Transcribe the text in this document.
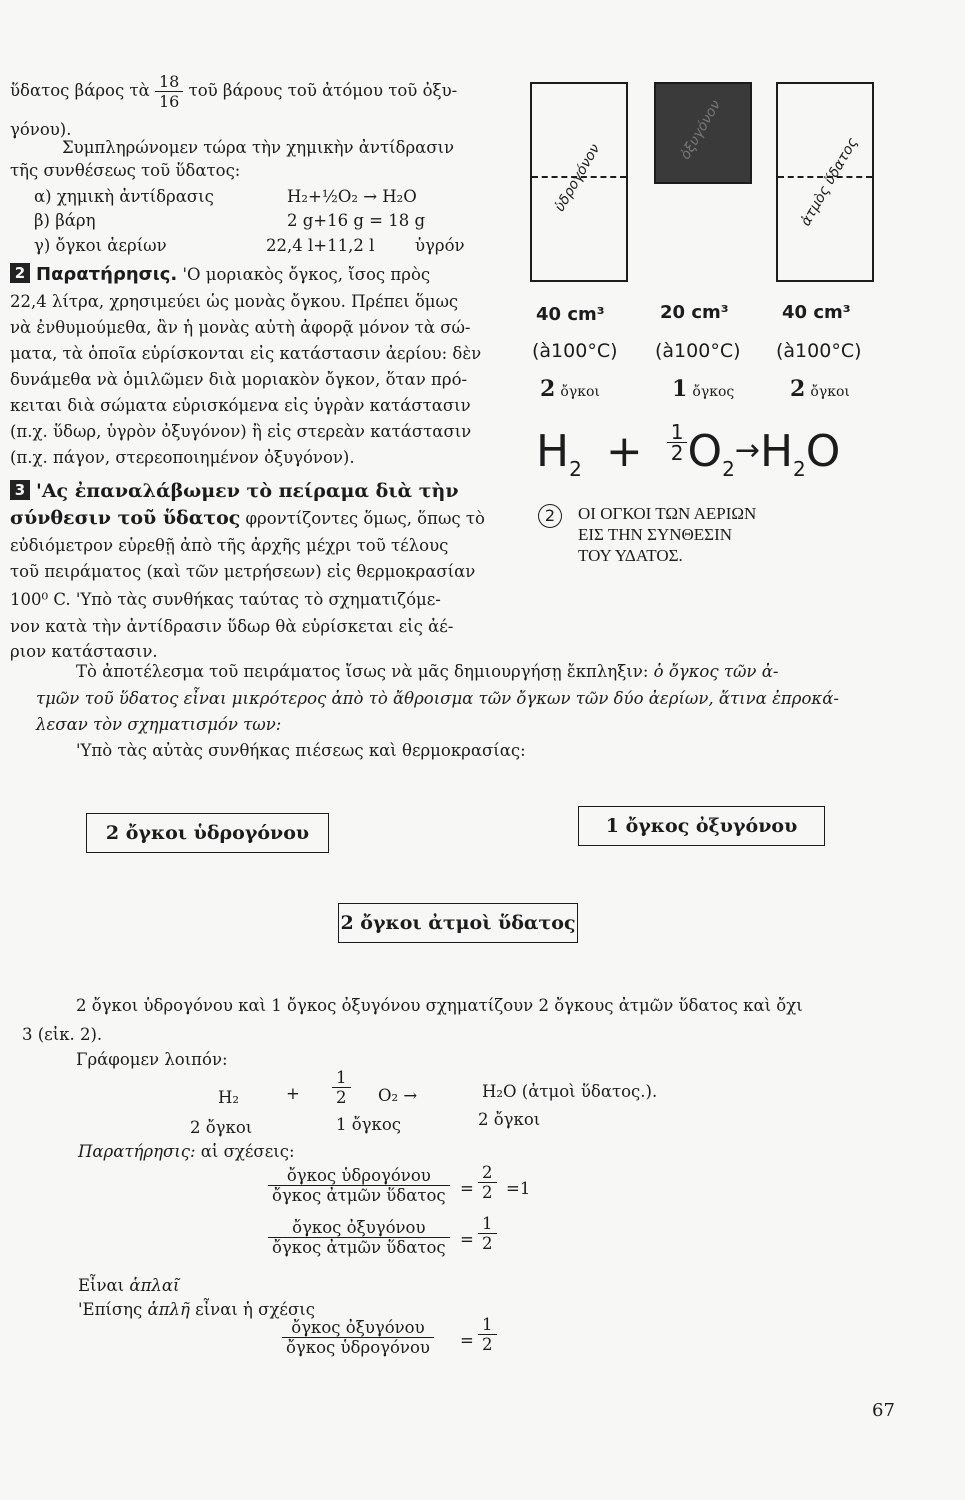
ὕδατος βάρος τὰ $\frac{18}{16}$ τοῦ βάρους τοῦ ἀτόμου τοῦ ὀξυ-
γόνου).
Συμπληρώνομεν τώρα τὴν χημικὴν ἀντίδρασιν
τῆς συνθέσεως τοῦ ὕδατος:
α) χημικὴ ἀντίδρασις	H₂+½O₂ → H₂O
β) βάρη	2 g+16 g = 18 g
γ) ὄγκοι ἀερίων	22,4 l+11,2 l ὑγρόν
2 Παρατήρησις. 'Ο μοριακὸς ὄγκος, ἴσος πρὸς
22,4 λίτρα, χρησιμεύει ὡς μονὰς ὄγκου. Πρέπει ὅμως
νὰ ἐνθυμούμεθα, ἂν ἡ μονὰς αὐτὴ ἀφορᾷ μόνον τὰ σώ-
ματα, τὰ ὁποῖα εὑρίσκονται εἰς κατάστασιν ἀερίου: δὲν
δυνάμεθα νὰ ὁμιλῶμεν διὰ μοριακὸν ὄγκον, ὅταν πρό-
κειται διὰ σώματα εὑρισκόμενα εἰς ὑγρὰν κατάστασιν
(π.χ. ὕδωρ, ὑγρὸν ὀξυγόνον) ἢ εἰς στερεὰν κατάστασιν
(π.χ. πάγον, στερεοποιημένον ὀξυγόνον).
3 'Ας ἐπαναλάβωμεν τὸ πείραμα διὰ τὴν
σύνθεσιν τοῦ ὕδατος φροντίζοντες ὅμως, ὅπως τὸ
εὐδιόμετρον εὑρεθῇ ἀπὸ τῆς ἀρχῆς μέχρι τοῦ τέλους
τοῦ πειράματος (καὶ τῶν μετρήσεων) εἰς θερμοκρασίαν
100⁰ C. 'Υπὸ τὰς συνθήκας ταύτας τὸ σχηματιζόμε-
νον κατὰ τὴν ἀντίδρασιν ὕδωρ θὰ εὑρίσκεται εἰς ἀέ-
ριον κατάστασιν.
ὑδρογόνον
ὀξυγόνον
ἀτμὸς ὕδατος
40 cm³	20 cm³	40 cm³
(à100°C) (à100°C) (à100°C)
2 ὄγκοι	1 ὄγκος	2 ὄγκοι
$H_2 + \frac{1}{2} O_2\to H_2O$
2	ΟΙ ΟΓΚΟΙ ΤΩΝ ΑΕΡΙΩΝ
ΕΙΣ ΤΗΝ ΣΥΝΘΕΣΙΝ
ΤΟΥ ΥΔΑΤΟΣ.
Τὸ ἀποτέλεσμα τοῦ πειράματος ἴσως νὰ μᾶς δημιουργήσῃ ἔκπληξιν: ὁ ὄγκος τῶν ἀ-
τμῶν τοῦ ὕδατος εἶναι μικρότερος ἀπὸ τὸ ἄθροισμα τῶν ὄγκων τῶν δύο ἀερίων, ἅτινα ἐπροκά-
λεσαν τὸν σχηματισμόν των:
'Υπὸ τὰς αὐτὰς συνθήκας πιέσεως καὶ θερμοκρασίας:
2 ὄγκοι ὑδρογόνου	1 ὄγκος ὀξυγόνου
2 ὄγκοι ἀτμοὶ ὕδατος
2 ὄγκοι ὑδρογόνου καὶ 1 ὄγκος ὀξυγόνου σχηματίζουν 2 ὄγκους ἀτμῶν ὕδατος καὶ ὄχι
3 (εἰκ. 2).
Γράφομεν λοιπόν:
H₂	+ $\frac{1}{2} O_2$ →	H₂O (ἀτμοὶ ὕδατος.).
2 ὄγκοι	1 ὄγκος	2 ὄγκοι
Παρατήρησις: αἱ σχέσεις:
ὄγκος ὑδρογόνου
ὄγκος ἀτμῶν ὕδατος = $\frac{2}{2} =1$
ὄγκος ὀξυγόνου
ὄγκος ἀτμῶν ὕδατος = $\frac{1}{2}$
Εἶναι ἁπλαῖ
'Επίσης ἁπλῆ εἶναι ἡ σχέσις
ὄγκος ὀξυγόνου
ὄγκος ὑδρογόνου = $\frac{1}{2}$
67
